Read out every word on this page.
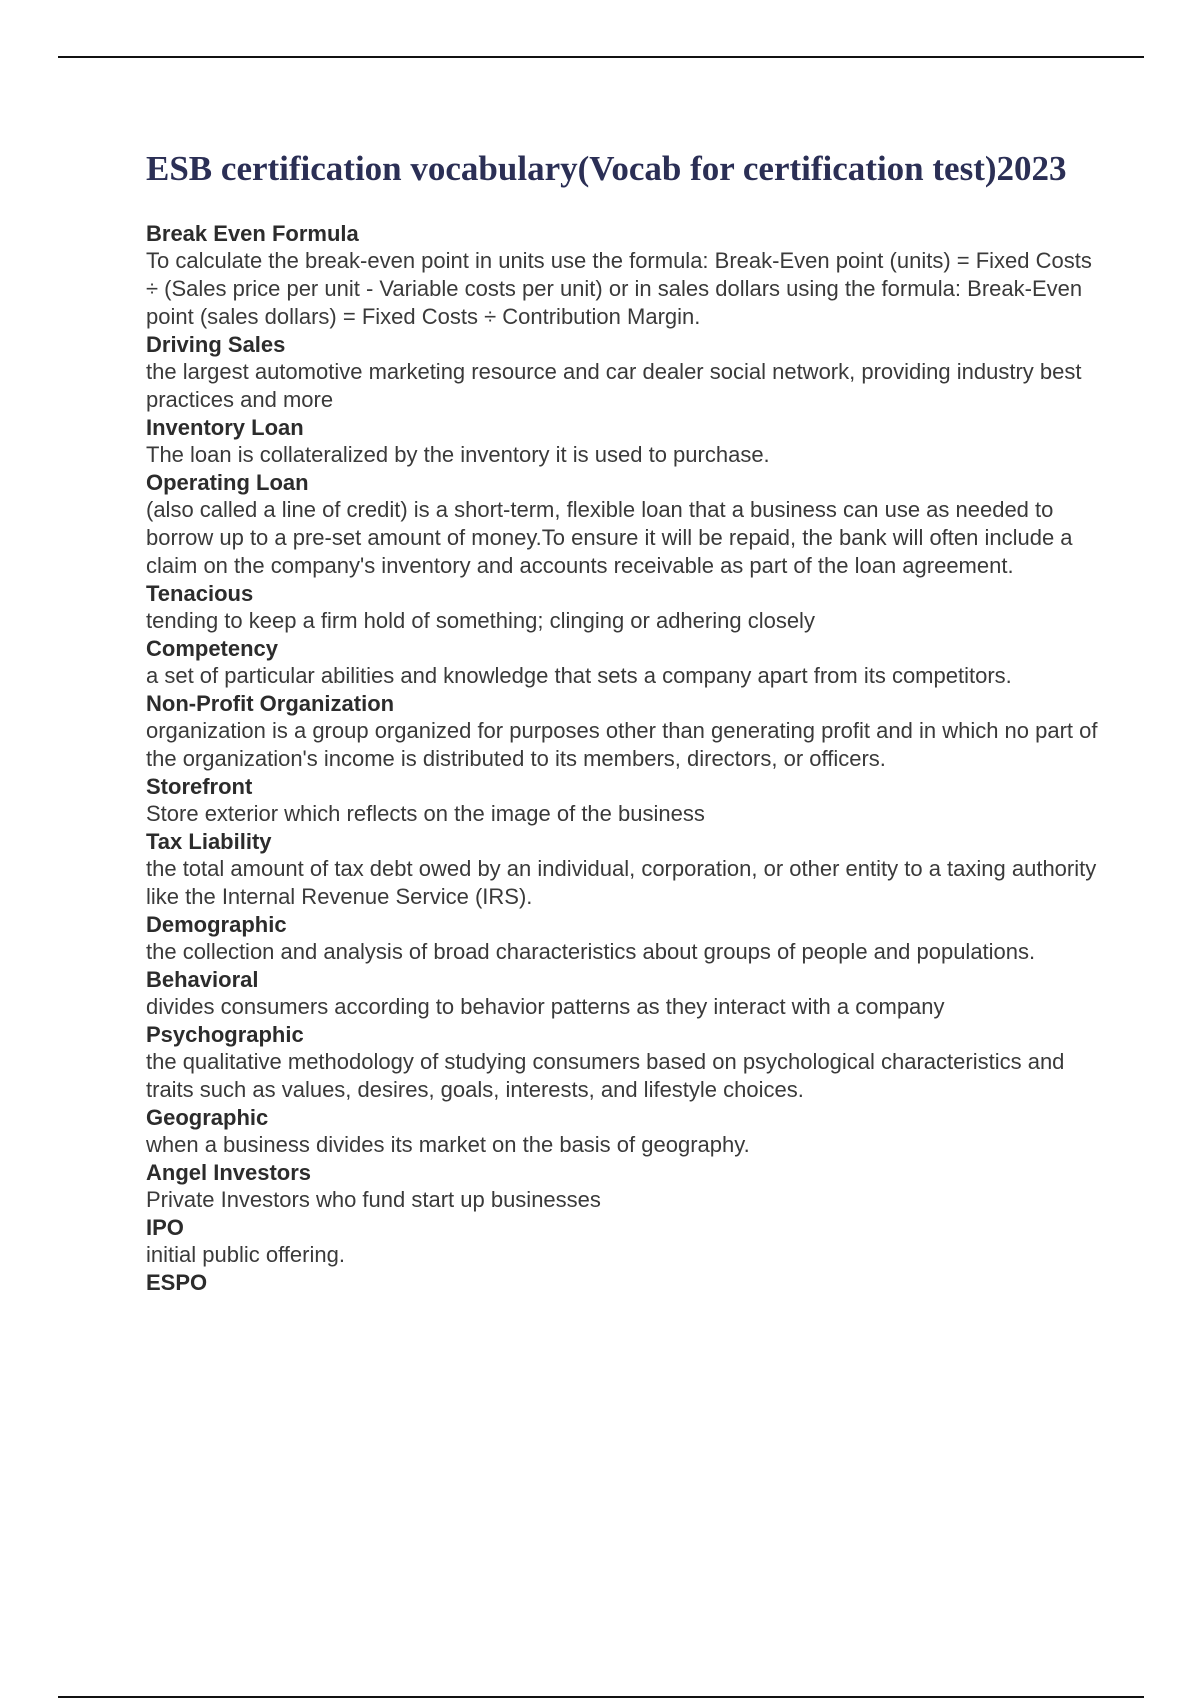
ESB certification vocabulary(Vocab for certification test)2023

Break Even Formula

To calculate the break-even point in units use the formula: Break-Even point (units) = Fixed Costs ÷ (Sales price per unit - Variable costs per unit) or in sales dollars using the formula: Break-Even point (sales dollars) = Fixed Costs ÷ Contribution Margin.

Driving Sales

the largest automotive marketing resource and car dealer social network, providing industry best practices and more

Inventory Loan

The loan is collateralized by the inventory it is used to purchase.

Operating Loan

(also called a line of credit) is a short-term, flexible loan that a business can use as needed to borrow up to a pre-set amount of money.To ensure it will be repaid, the bank will often include a claim on the company's inventory and accounts receivable as part of the loan agreement.

Tenacious

tending to keep a firm hold of something; clinging or adhering closely

Competency

a set of particular abilities and knowledge that sets a company apart from its competitors.

Non-Profit Organization

organization is a group organized for purposes other than generating profit and in which no part of the organization's income is distributed to its members, directors, or officers.

Storefront

Store exterior which reflects on the image of the business

Tax Liability

the total amount of tax debt owed by an individual, corporation, or other entity to a taxing authority like the Internal Revenue Service (IRS).

Demographic

the collection and analysis of broad characteristics about groups of people and populations.

Behavioral

divides consumers according to behavior patterns as they interact with a company

Psychographic

the qualitative methodology of studying consumers based on psychological characteristics and traits such as values, desires, goals, interests, and lifestyle choices.

Geographic

when a business divides its market on the basis of geography.

Angel Investors

Private Investors who fund start up businesses

IPO

initial public offering.

ESPO
